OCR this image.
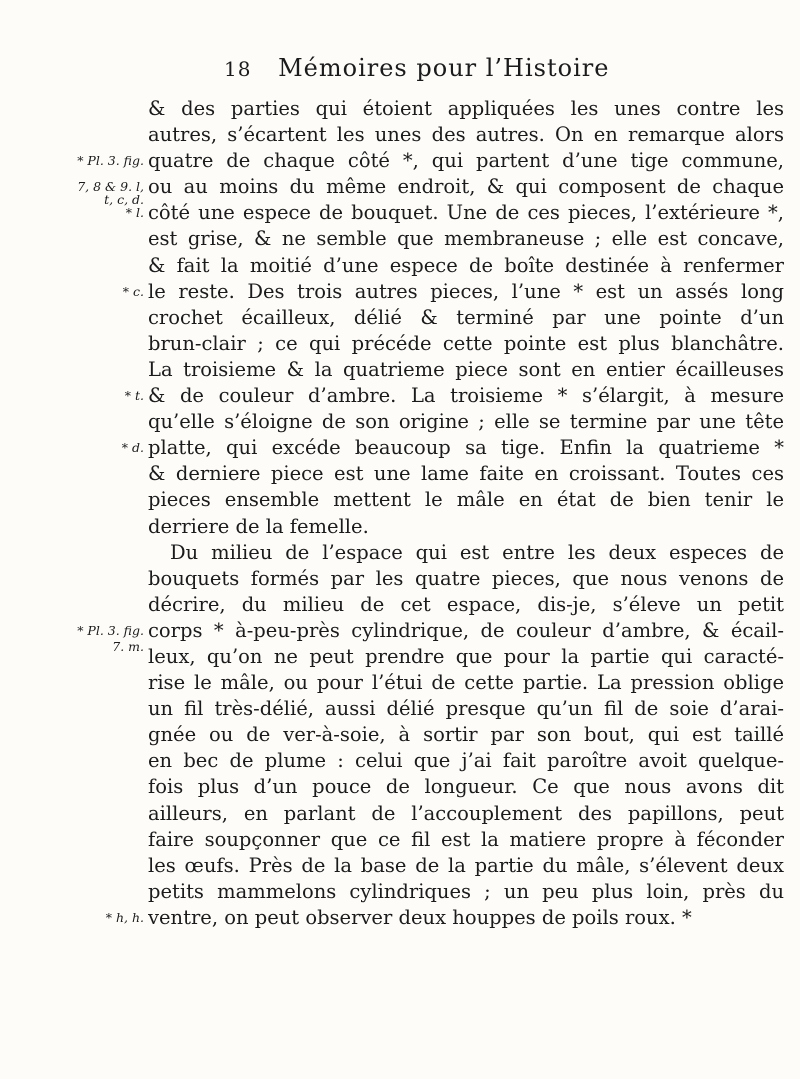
18 Mémoires pour l’Histoire
* Pl. 3. fig.
7, 8 & 9. l,
t, c, d.
* l.
* c.
* t.
* d.
* Pl. 3. fig.
7. m.
* h, h.
& des parties qui étoient appliquées les unes contre les
autres, s’écartent les unes des autres. On en remarque alors
quatre de chaque côté *, qui partent d’une tige commune,
ou au moins du même endroit, & qui composent de chaque
côté une espece de bouquet. Une de ces pieces, l’extérieure *,
est grise, & ne semble que membraneuse ; elle est concave,
& fait la moitié d’une espece de boîte destinée à renfermer
le reste. Des trois autres pieces, l’une * est un assés long
crochet écailleux, délié & terminé par une pointe d’un
brun-clair ; ce qui précéde cette pointe est plus blanchâtre.
La troisieme & la quatrieme piece sont en entier écailleuses
& de couleur d’ambre. La troisieme * s’élargit, à mesure
qu’elle s’éloigne de son origine ; elle se termine par une tête
platte, qui excéde beaucoup sa tige. Enfin la quatrieme *
& derniere piece est une lame faite en croissant. Toutes ces
pieces ensemble mettent le mâle en état de bien tenir le
derriere de la femelle.
Du milieu de l’espace qui est entre les deux especes de
bouquets formés par les quatre pieces, que nous venons de
décrire, du milieu de cet espace, dis-je, s’éleve un petit
corps * à-peu-près cylindrique, de couleur d’ambre, & écail-
leux, qu’on ne peut prendre que pour la partie qui caracté-
rise le mâle, ou pour l’étui de cette partie. La pression oblige
un fil très-délié, aussi délié presque qu’un fil de soie d’arai-
gnée ou de ver-à-soie, à sortir par son bout, qui est taillé
en bec de plume : celui que j’ai fait paroître avoit quelque-
fois plus d’un pouce de longueur. Ce que nous avons dit
ailleurs, en parlant de l’accouplement des papillons, peut
faire soupçonner que ce fil est la matiere propre à féconder
les œufs. Près de la base de la partie du mâle, s’élevent deux
petits mammelons cylindriques ; un peu plus loin, près du
ventre, on peut observer deux houppes de poils roux. *
